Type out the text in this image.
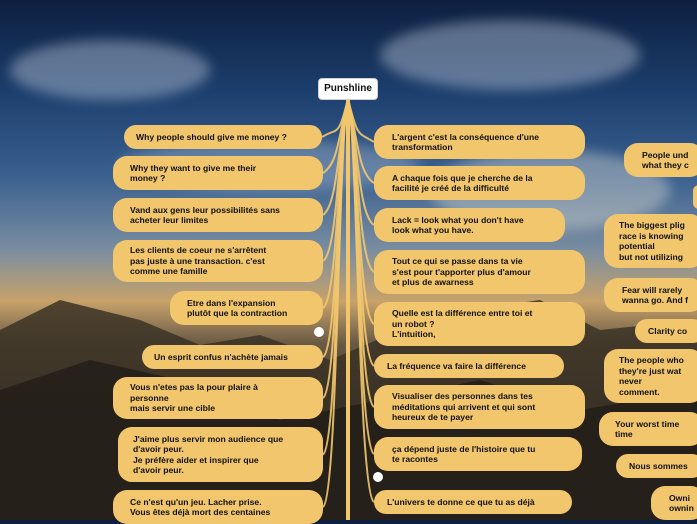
Punshline
Why people should give me money ?
Why they want to give me their
money ?
Vand aux gens leur possibilités sans
acheter leur limites
Les clients de coeur ne s'arrêtent
pas juste à une transaction. c'est
comme une famille
Etre dans l'expansion
plutôt que la contraction
Un esprit confus n'achète jamais
Vous n'etes pas la pour plaire à
personne
mais servir une cible
J'aime plus servir mon audience que
d'avoir peur.
Je préfère aider et inspirer que
d'avoir peur.
Ce n'est qu'un jeu. Lacher prise.
Vous êtes déjà mort des centaines
L'argent c'est la conséquence d'une
transformation
A chaque fois que je cherche de la
facilité je créé de la difficulté
Lack = look what you don't have
look what you have.
Tout ce qui se passe dans ta vie
s'est pour t'apporter plus d'amour
et plus de awarness
Quelle est la différence entre toi et
un robot ?
L'intuition,
La fréquence va faire la différence
Visualiser des personnes dans tes
méditations qui arrivent et qui sont
heureux de te payer
ça dépend juste de l'histoire que tu
te racontes
L'univers te donne ce que tu as déjà
People und
what they c
The biggest plig
race is knowing
potential
but not utilizing
Fear will rarely
wanna go. And f
Clarity co
The people who
they're just wat
never
comment.
Your worst time
time
Nous sommes
Owni
ownin
